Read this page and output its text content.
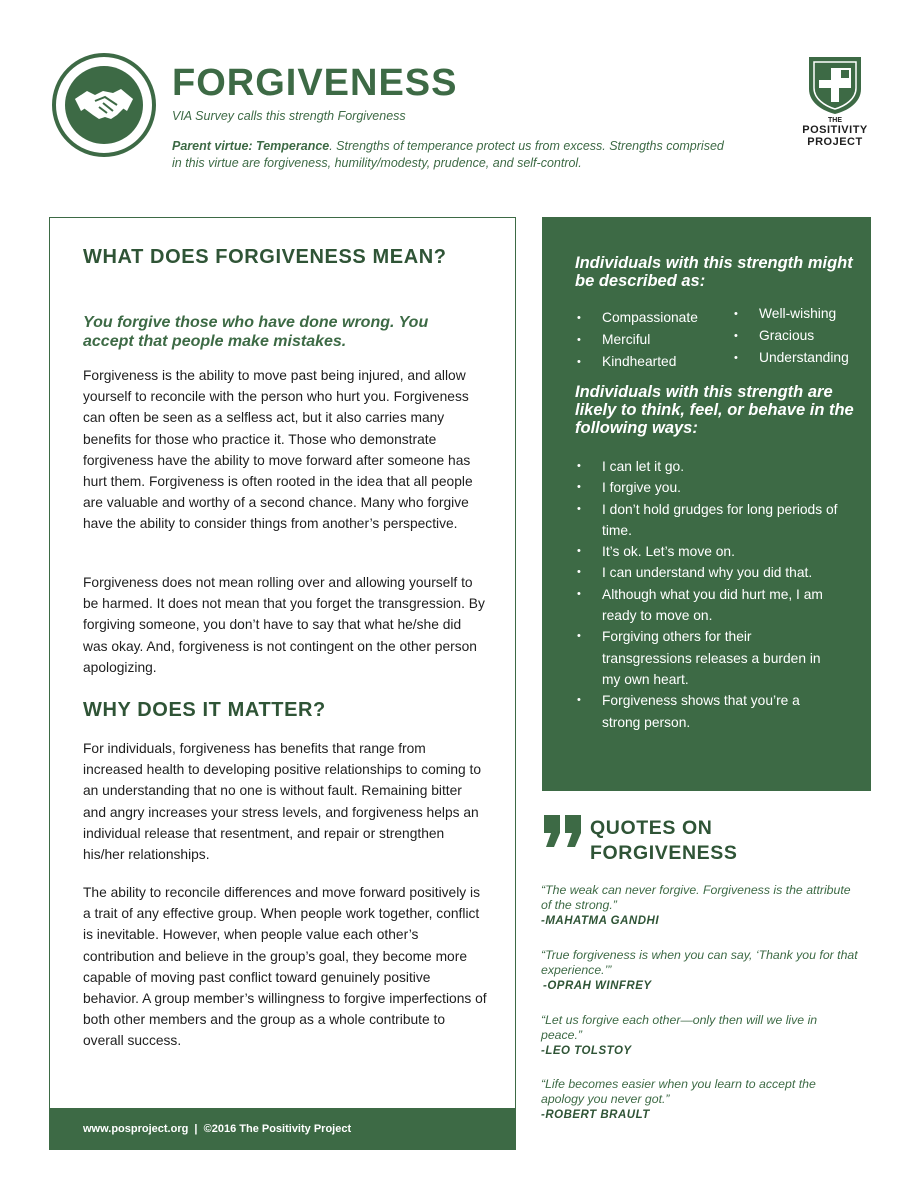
FORGIVENESS
VIA Survey calls this strength Forgiveness
Parent virtue: Temperance. Strengths of temperance protect us from excess. Strengths comprised in this virtue are forgiveness, humility/modesty, prudence, and self-control.
THE
POSITIVITY
PROJECT
WHAT DOES FORGIVENESS MEAN?
You forgive those who have done wrong. You accept that people make mistakes.

Forgiveness is the ability to move past being injured, and allow yourself to reconcile with the person who hurt you. Forgiveness can often be seen as a selfless act, but it also carries many benefits for those who practice it. Those who demonstrate forgiveness have the ability to move forward after someone has hurt them. Forgiveness is often rooted in the idea that all people are valuable and worthy of a second chance. Many who forgive have the ability to consider things from another’s perspective.

Forgiveness does not mean rolling over and allowing yourself to be harmed. It does not mean that you forget the transgression. By forgiving someone, you don’t have to say that what he/she did was okay. And, forgiveness is not contingent on the other person apologizing.

WHY DOES IT MATTER?

For individuals, forgiveness has benefits that range from increased health to developing positive relationships to coming to an understanding that no one is without fault. Remaining bitter and angry increases your stress levels, and forgiveness helps an individual release that resentment, and repair or strengthen his/her relationships.

The ability to reconcile differences and move forward positively is a trait of any effective group. When people work together, conflict is inevitable. However, when people value each other’s contribution and believe in the group’s goal, they become more capable of moving past conflict toward genuinely positive behavior. A group member’s willingness to forgive imperfections of both other members and the group as a whole contribute to overall success.

www.posproject.org  |  ©2016 The Positivity Project
Individuals with this strength might be described as:
• Compassionate
• Merciful
• Kindhearted
• Well-wishing
• Gracious
• Understanding
Individuals with this strength are likely to think, feel, or behave in the following ways:
• I can let it go.
• I forgive you.
• I don’t hold grudges for long periods of time.
• It’s ok. Let’s move on.
• I can understand why you did that.
• Although what you did hurt me, I am ready to move on.
• Forgiving others for their transgressions releases a burden in my own heart.
• Forgiveness shows that you’re a strong person.
QUOTES ON FORGIVENESS
“The weak can never forgive. Forgiveness is the attribute of the strong.”
-MAHATMA GANDHI
“True forgiveness is when you can say, ‘Thank you for that experience.’”
-OPRAH WINFREY
“Let us forgive each other—only then will we live in peace.”
-LEO TOLSTOY
“Life becomes easier when you learn to accept the apology you never got.”
-ROBERT BRAULT
